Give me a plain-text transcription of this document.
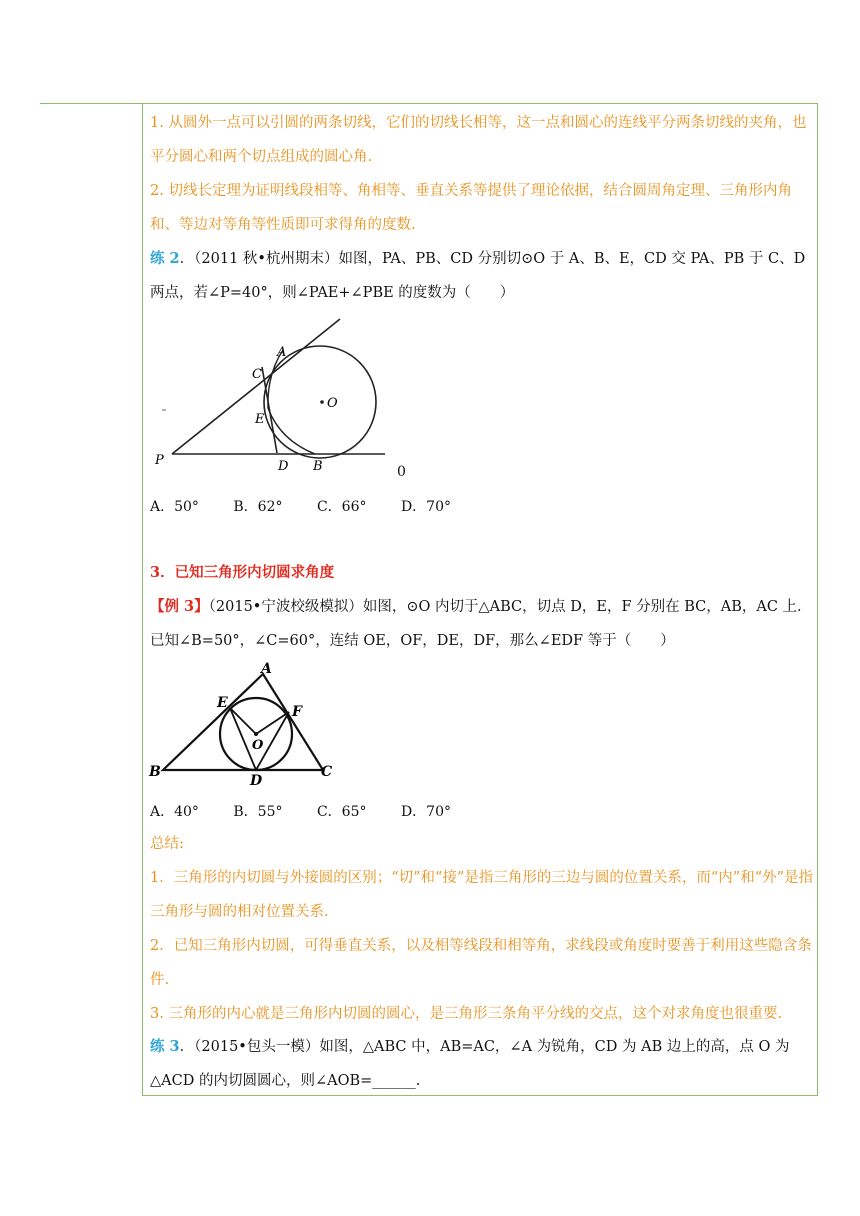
1. 从圆外一点可以引圆的两条切线，它们的切线长相等，这一点和圆心的连线平分两条切线的夹角，也平分圆心和两个切点组成的圆心角.

2. 切线长定理为证明线段相等、角相等、垂直关系等提供了理论依据，结合圆周角定理、三角形内角和、等边对等角等性质即可求得角的度数.

练 2．（2011 秋•杭州期末）如图，PA、PB、CD 分别切⊙O 于 A、B、E，CD 交 PA、PB 于 C、D 两点，若∠P=40°，则∠PAE+∠PBE 的度数为（　　）

A
C
O
E
P	D B	0
A．50° B．62° C．66° D．70°

3．已知三角形内切圆求角度

【例 3】（2015•宁波校级模拟）如图，⊙O 内切于△ABC，切点 D，E，F 分别在 BC，AB，AC 上．已知∠B=50°，∠C=60°，连结 OE，OF，DE，DF，那么∠EDF 等于（　　）

A
E
F
O
B
D
C
A．40° B．55° C．65° D．70°

总结:

1．三角形的内切圆与外接圆的区别；“切”和“接”是指三角形的三边与圆的位置关系，而“内”和“外”是指三角形与圆的相对位置关系.

2．已知三角形内切圆，可得垂直关系，以及相等线段和相等角，求线段或角度时要善于利用这些隐含条件.

3. 三角形的内心就是三角形内切圆的圆心，是三角形三条角平分线的交点，这个对求角度也很重要.

练 3．（2015•包头一模）如图，△ABC 中，AB=AC，∠A 为锐角，CD 为 AB 边上的高，点 O 为△ACD 的内切圆圆心，则∠AOB=______.
